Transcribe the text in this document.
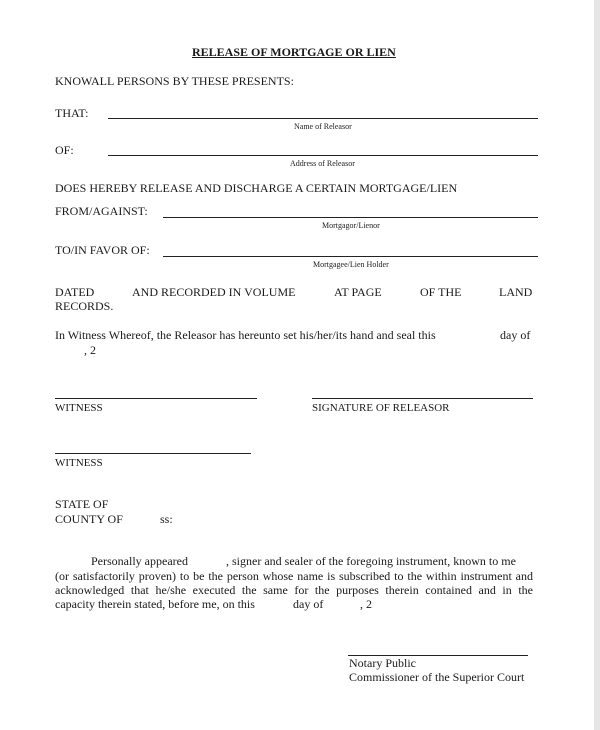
RELEASE OF MORTGAGE OR LIEN
KNOWALL PERSONS BY THESE PRESENTS:
THAT:
Name of Releasor
OF:
Address of Releasor
DOES HEREBY RELEASE AND DISCHARGE A CERTAIN MORTGAGE/LIEN
FROM/AGAINST:
Mortgagor/Lienor
TO/IN FAVOR OF:
Mortgagee/Lien Holder
DATED	AND RECORDED IN VOLUME	AT PAGE	OF THE	LAND
RECORDS.
In Witness Whereof, the Releasor has hereunto set his/her/its hand and seal this	day of
, 2
WITNESS	SIGNATURE OF RELEASOR
WITNESS
STATE OF
COUNTY OF	ss:
Personally appeared	, signer and sealer of the foregoing instrument, known to me
(or satisfactorily proven) to be the person whose name is subscribed to the within instrument and
acknowledged that he/she executed the same for the purposes therein contained and in the
capacity therein stated, before me, on this	day of	, 2
Notary Public
Commissioner of the Superior Court
